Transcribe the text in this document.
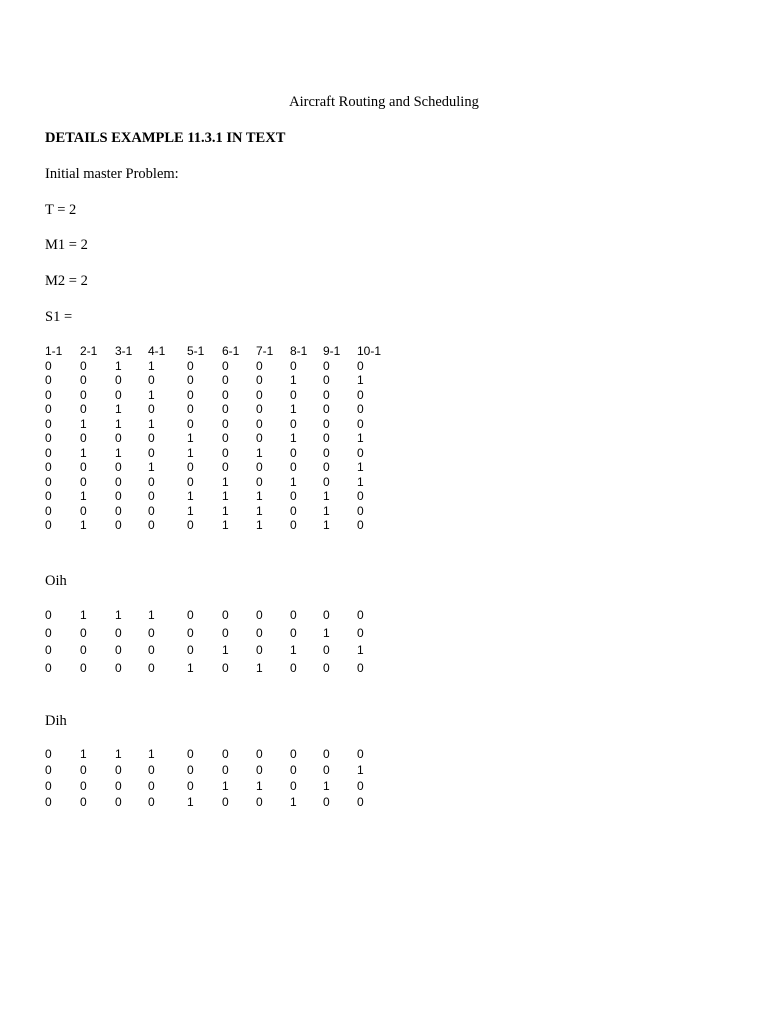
Aircraft Routing and Scheduling
DETAILS EXAMPLE 11.3.1 IN TEXT
Initial master Problem:
T = 2
M1 = 2
M2 = 2
S1 =
1-1 2-1 3-1 4-1 5-1 6-1 7-1 8-1 9-1 10-1
0 0 1 1	0 0 0 0 0 0
0 0 0 0	0 0 0 1 0 1
0 0 0 1	0 0 0 0 0 0
0 0 1 0	0 0 0 1 0 0
0 1 1 1	0 0 0 0 0 0
0 0 0 0	1 0 0 1 0 1
0 1 1 0	1 0 1 0 0 0
0 0 0 1	0 0 0 0 0 1
0 0 0 0	0 1 0 1 0 1
0 1 0 0	1 1 1 0 1 0
0 0 0 0	1 1 1 0 1 0
0 1 0 0	0 1 1 0 1 0
Oih
0 1 1 1	0 0 0 0 0 0
0 0 0 0	0 0 0 0 1 0
0 0 0 0	0 1 0 1 0 1
0 0 0 0	1 0 1 0 0 0
Dih
0 1 1 1	0 0 0 0 0 0
0 0 0 0	0 0 0 0 0 1
0 0 0 0	0 1 1 0 1 0
0 0 0 0	1 0 0 1 0 0
